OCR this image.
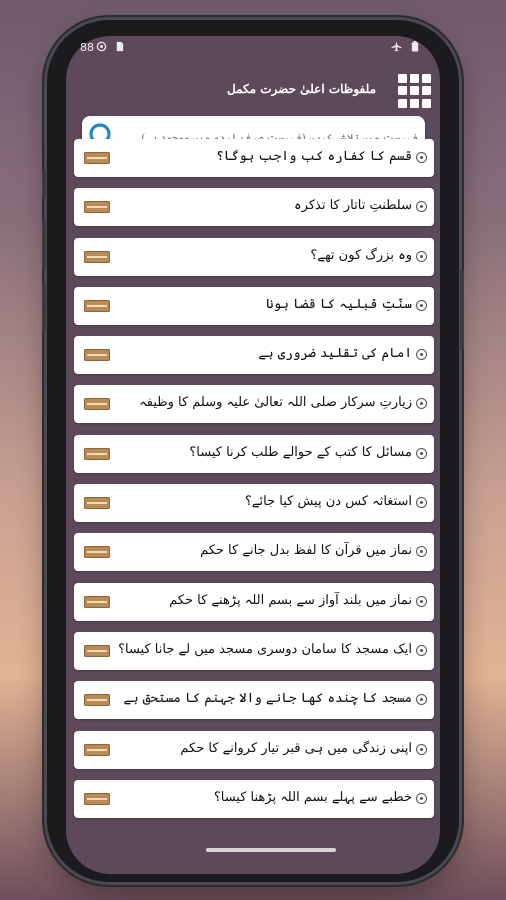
88
ملفوظات اعلیٰ حضرت مکمل
فہرست میں تلاش کریں (فہرست صرف اردو میں موجود ہے)
قسم کا کفارہ کب واجب ہوگا؟
سلطنتِ تاتار کا تذکرہ
وہ بزرگ کون تھے؟
سنّتِ قبلیہ کا قضا ہونا
امام کی تقلید ضروری ہے
زیارتِ سرکار صلی اللہ تعالیٰ علیہ وسلم کا وظیفہ
مسائل کا کتب کے حوالے طلب کرنا کیسا؟
استغاثہ کس دن پیش کیا جائے؟
نماز میں قرآن کا لفظ بدل جانے کا حکم
نماز میں بلند آواز سے بسم اللہ پڑھنے کا حکم
ایک مسجد کا سامان دوسری مسجد میں لے جانا کیسا؟
مسجد کا چندہ کھا جانے والا جہنم کا مستحق ہے
اپنی زندگی میں ہی قبر تیار کروانے کا حکم
خطبے سے پہلے بسم اللہ پڑھنا کیسا؟
